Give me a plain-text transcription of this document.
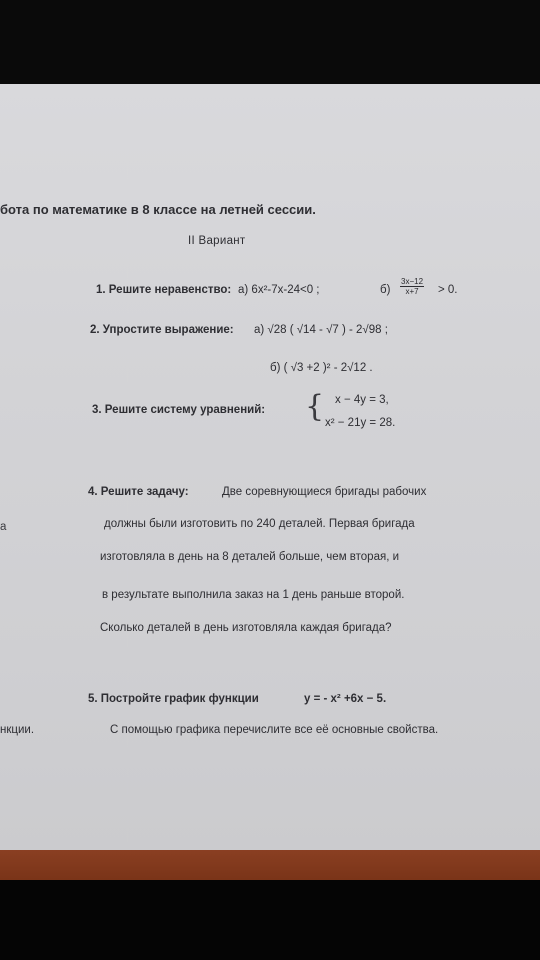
бота по математике в 8 классе на летней сессии.
II Вариант
1. Решите неравенство: а) 6x²-7x-24<0 ;	$б) \frac{3x-12}{x+7} > 0$.
2. Упростите выражение: а) √28 ( √14 - √7 ) - 2√98 ;
б) ( √3 +2 )² - 2√12 .
3. Решите систему уравнений: { x − 4y = 3,
x² − 21y = 28.
а
4. Решите задачу:	Две соревнующиеся бригады рабочих
должны были изготовить по 240 деталей. Первая бригада
изготовляла в день на 8 деталей больше, чем вторая, и
в результате выполнила заказ на 1 день раньше второй.
Сколько деталей в день изготовляла каждая бригада?
5. Постройте график функции	y = - x² +6x − 5.
нкции.	С помощью графика перечислите все её основные свойства.
